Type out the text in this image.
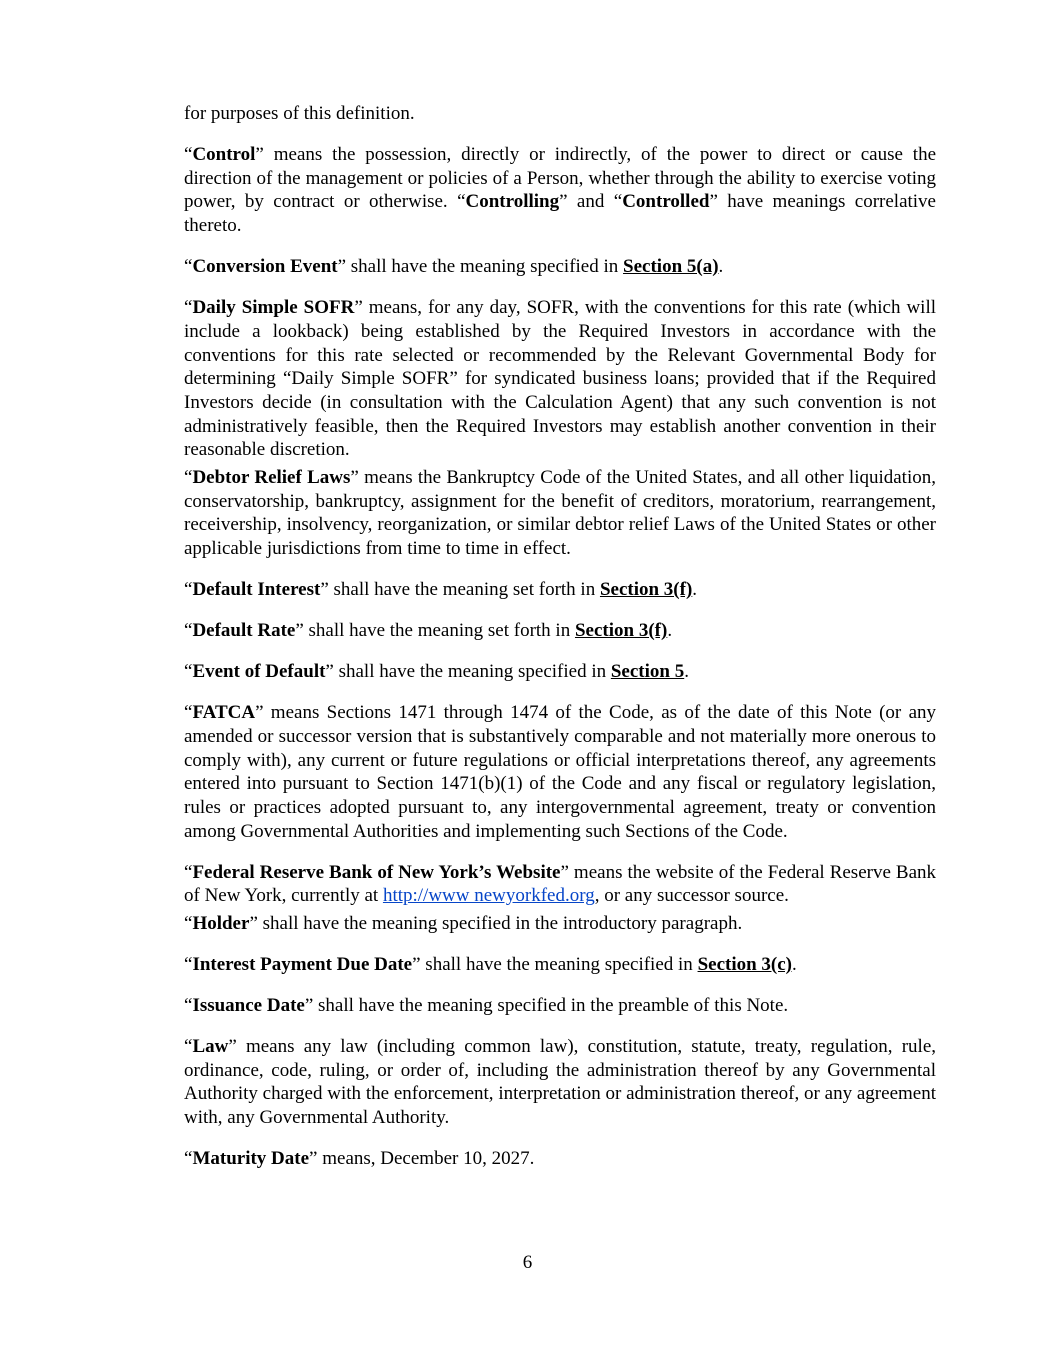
for purposes of this definition.

“Control” means the possession, directly or indirectly, of the power to direct or cause the direction of the management or policies of a Person, whether through the ability to exercise voting power, by contract or otherwise. “Controlling” and “Controlled” have meanings correlative thereto.

“Conversion Event” shall have the meaning specified in Section 5(a).

“Daily Simple SOFR” means, for any day, SOFR, with the conventions for this rate (which will include a lookback) being established by the Required Investors in accordance with the conventions for this rate selected or recommended by the Relevant Governmental Body for determining “Daily Simple SOFR” for syndicated business loans; provided that if the Required Investors decide (in consultation with the Calculation Agent) that any such convention is not administratively feasible, then the Required Investors may establish another convention in their reasonable discretion.

“Debtor Relief Laws” means the Bankruptcy Code of the United States, and all other liquidation, conservatorship, bankruptcy, assignment for the benefit of creditors, moratorium, rearrangement, receivership, insolvency, reorganization, or similar debtor relief Laws of the United States or other applicable jurisdictions from time to time in effect.

“Default Interest” shall have the meaning set forth in Section 3(f).

“Default Rate” shall have the meaning set forth in Section 3(f).

“Event of Default” shall have the meaning specified in Section 5.

“FATCA” means Sections 1471 through 1474 of the Code, as of the date of this Note (or any amended or successor version that is substantively comparable and not materially more onerous to comply with), any current or future regulations or official interpretations thereof, any agreements entered into pursuant to Section 1471(b)(1) of the Code and any fiscal or regulatory legislation, rules or practices adopted pursuant to, any intergovernmental agreement, treaty or convention among Governmental Authorities and implementing such Sections of the Code.

“Federal Reserve Bank of New York’s Website” means the website of the Federal Reserve Bank of New York, currently at http://www newyorkfed.org, or any successor source.

“Holder” shall have the meaning specified in the introductory paragraph.

“Interest Payment Due Date” shall have the meaning specified in Section 3(c).

“Issuance Date” shall have the meaning specified in the preamble of this Note.

“Law” means any law (including common law), constitution, statute, treaty, regulation, rule, ordinance, code, ruling, or order of, including the administration thereof by any Governmental Authority charged with the enforcement, interpretation or administration thereof, or any agreement with, any Governmental Authority.

“Maturity Date” means, December 10, 2027.

6
